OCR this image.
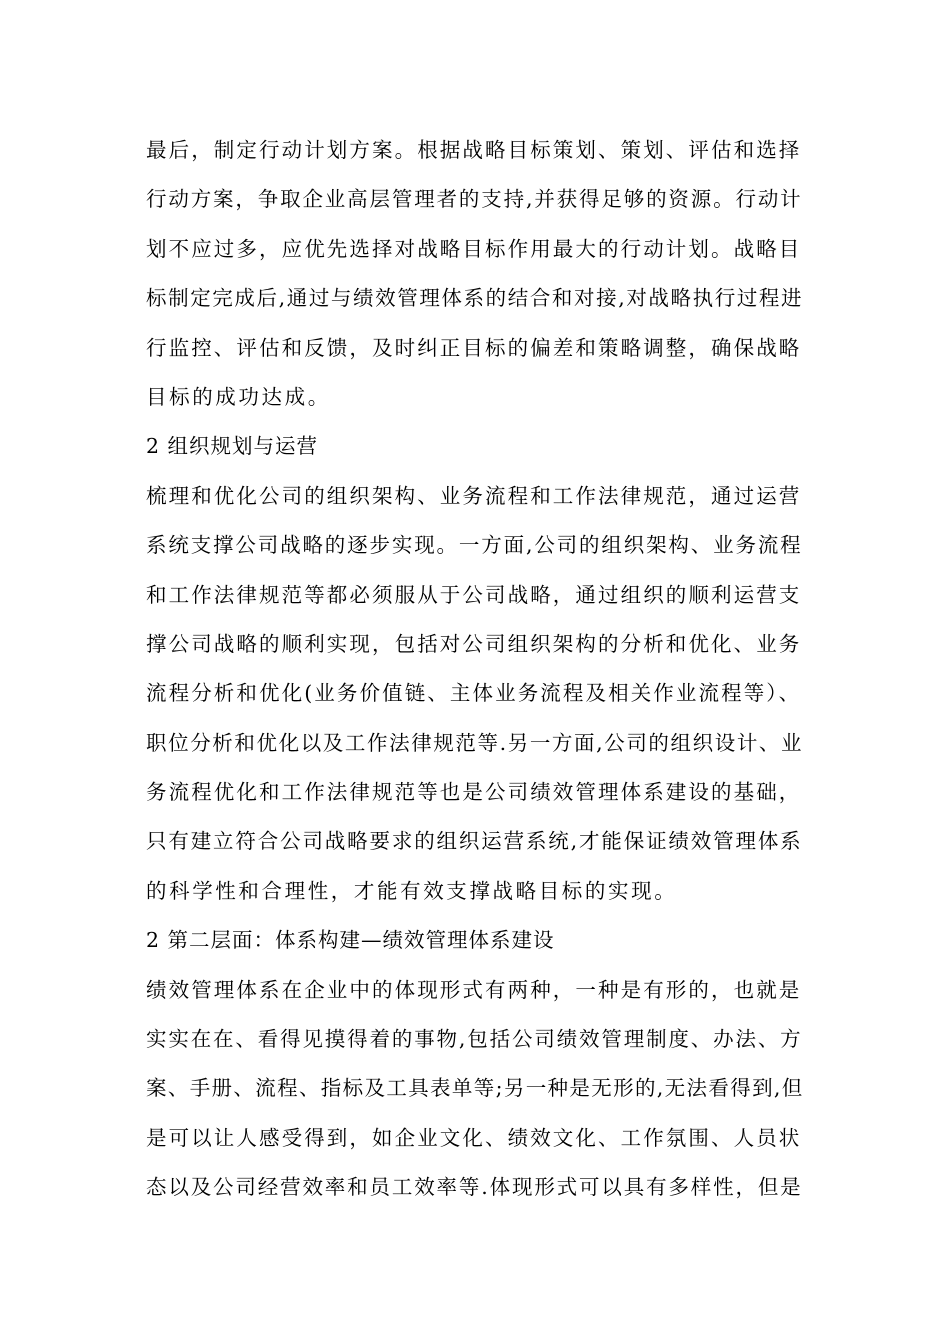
最后，制定行动计划方案。根据战略目标策划、策划、评估和选择
行动方案，争取企业高层管理者的支持,并获得足够的资源。行动计
划不应过多，应优先选择对战略目标作用最大的行动计划。战略目
标制定完成后,通过与绩效管理体系的结合和对接,对战略执行过程进
行监控、评估和反馈，及时纠正目标的偏差和策略调整，确保战略
目标的成功达成。
2 组织规划与运营
梳理和优化公司的组织架构、业务流程和工作法律规范，通过运营
系统支撑公司战略的逐步实现。一方面,公司的组织架构、业务流程
和工作法律规范等都必须服从于公司战略，通过组织的顺利运营支
撑公司战略的顺利实现，包括对公司组织架构的分析和优化、业务
流程分析和优化(业务价值链、主体业务流程及相关作业流程等）、
职位分析和优化以及工作法律规范等.另一方面,公司的组织设计、业
务流程优化和工作法律规范等也是公司绩效管理体系建设的基础，
只有建立符合公司战略要求的组织运营系统,才能保证绩效管理体系
的科学性和合理性，才能有效支撑战略目标的实现。
2 第二层面：体系构建—绩效管理体系建设
绩效管理体系在企业中的体现形式有两种，一种是有形的，也就是
实实在在、看得见摸得着的事物,包括公司绩效管理制度、办法、方
案、手册、流程、指标及工具表单等;另一种是无形的,无法看得到,但
是可以让人感受得到，如企业文化、绩效文化、工作氛围、人员状
态以及公司经营效率和员工效率等.体现形式可以具有多样性，但是
